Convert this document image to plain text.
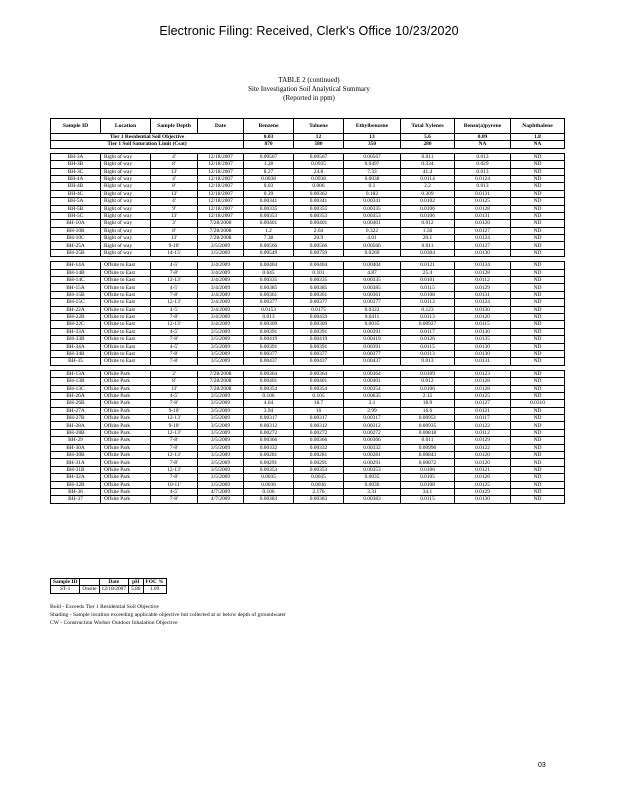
Electronic Filing: Received, Clerk's Office 10/23/2020
TABLE 2 (continued)
Site Investigation Soil Analytical Summary
(Reported in ppm)
Sample ID	Location	Sample Depth	Date	Benzene	Toluene	Ethylbenzene	Total Xylenes	Benzo(a)pyrene	Naphthalene
Tier 1 Residential Soil Objective				0.03	12	13	5.6	0.09	1.8
Tier 1 Soil Saturation Limit (Csat)				870	580	350	280	NA	NA

BH-3A	Right of way	4'	12/18/2007	0.00567	0.00567	0.00567	0.011	0.013	ND
BH-3B	Right of way	8'	12/18/2007	1.28	0.0935	0.0497	0.334	0.029	ND
BH-3C	Right of way	13'	12/18/2007	8.27	24.8	7.33	41.4	0.013	ND
BH-4A	Right of way	4'	12/18/2007	0.0038	0.0938	0.0038	0.0114	0.0124	ND
BH-4B	Right of way	8'	12/18/2007	0.03	0.006	0.1	2.2	0.013	ND
BH-4C	Right of way	13'	12/18/2007	0.39	0.00362	0.182	0.309	0.0131	ND
BH-5A	Right of way	4'	12/18/2007	0.00341	0.00341	0.00341	0.0102	0.0125	ND
BH-5B	Right of way	9'	12/18/2007	0.00335	0.00355	0.00335	0.0106	0.0128	ND
BH-5C	Right of way	13'	12/18/2007	0.00353	0.00353	0.00353	0.0106	0.0131	ND
BH-10A	Right of way	3'	7/28/2008	0.00401	0.00401	0.00401	0.012	0.0126	ND
BH-10B	Right of way	8'	7/28/2008	1.2	2.64	0.322	1.56	0.0127	ND
BH-10C	Right of way	13'	7/28/2008	7.38	20.9	4.01	20.1	0.0124	ND
BH-25A	Right of way	9-10'	3/5/2009	0.00566	0.00566	0.00566	0.011	0.0127	ND
BH-25B	Right of way	14-15'	3/5/2009	0.00549	0.00759	0.0269	0.0304	0.0130	ND

BH-14A	Offsite to East	4-5'	3/4/2009	0.00404	0.00404	0.00404	0.0121	0.0134	ND
BH-14B	Offsite to East	7-8'	3/4/2009	0.645	0.101	4.87	25.4	0.0128	ND
BH-14C	Offsite to East	12-13'	3/4/2009	0.00335	0.00335	0.00335	0.0101	0.0112	ND
BH-15A	Offsite to East	4-5'	3/4/2009	0.00385	0.00385	0.00385	0.0115	0.0129	ND
BH-15B	Offsite to East	7-8'	3/4/2009	0.00361	0.00361	0.00361	0.0108	0.0131	ND
BH-15C	Offsite to East	12-13'	3/4/2009	0.00377	0.00377	0.00377	0.0113	0.0124	ND
BH-22A	Offsite to East	4-5'	3/4/2009	0.0153	0.0175	0.0322	0.123	0.0130	ND
BH-22B	Offsite to East	7-8'	3/4/2009	0.013	0.00459	0.0411	0.0113	0.0120	ND
BH-22C	Offsite to East	12-13'	3/4/2009	0.00309	0.00309	0.0035	0.00927	0.0115	ND
BH-33A	Offsite to East	4-5'	3/5/2009	0.00391	0.00391	0.00391	0.0117	0.0130	ND
BH-33B	Offsite to East	7-8'	3/5/2009	0.00419	0.00419	0.00419	0.0126	0.0135	ND
BH-34A	Offsite to East	4-5'	3/5/2009	0.00391	0.00391	0.00391	0.0115	0.0130	ND
BH-34B	Offsite to East	7-8'	3/5/2009	0.00377	0.00377	0.00377	0.0113	0.0130	ND
BH-35	Offsite to East	7-8'	3/5/2009	0.00437	0.00437	0.00437	0.013	0.0131	ND

BH-13A	Offsite Park	3'	7/28/2008	0.00364	0.00364	0.00364	0.0109	0.0123	ND
BH-13B	Offsite Park	8'	7/28/2008	0.00401	0.00401	0.00401	0.012	0.0128	ND
BH-13C	Offsite Park	13'	7/28/2008	0.00354	0.00354	0.00354	0.0106	0.0128	ND
BH-26A	Offsite Park	4-5'	3/5/2009	0.106	0.105	0.00635	2.15	0.0125	ND
BH-26B	Offsite Park	7-8'	3/5/2009	4.64	18.7	3.1	18.9	0.0127	0.0310
BH-27A	Offsite Park	9-10'	3/5/2009	3.94	16	2.99	16.6	0.0121	ND
BH-27B	Offsite Park	12-13'	3/5/2009	0.00317	0.00317	0.00317	0.00951	0.0117	ND
BH-28A	Offsite Park	9-10'	3/5/2009	0.00312	0.00312	0.00312	0.00935	0.0122	ND
BH-28B	Offsite Park	12-13'	3/5/2009	0.00272	0.00272	0.00272	0.00818	0.0112	ND
BH-29	Offsite Park	7-8'	3/5/2009	0.00366	0.00366	0.00366	0.011	0.0129	ND
BH-30A	Offsite Park	7-8'	3/5/2009	0.00332	0.00332	0.00332	0.00996	0.0122	ND
BH-30B	Offsite Park	12-13'	3/5/2009	0.00281	0.00281	0.00281	0.00843	0.0120	ND
BH-31A	Offsite Park	7-8'	3/5/2009	0.00291	0.00291	0.00291	0.00872	0.0120	ND
BH-31B	Offsite Park	12-13'	3/5/2009	0.00353	0.00353	0.00353	0.0106	0.0121	ND
BH-32A	Offsite Park	7-8'	3/5/2009	0.0035	0.0035	0.0035	0.0105	0.0126	ND
BH-32B	Offsite Park	10-11'	3/5/2009	0.0036	0.0036	0.0036	0.0108	0.0125	ND
BH-36	Offsite Park	4-5'	4/7/2009	0.106	2.176	3.31	34.1	0.0129	ND
BH-37	Offsite Park	7-8'	4/7/2009	0.00383	0.00383	0.00383	0.0115	0.0130	ND
Sample ID		Date	pH	FOC %
ST-1	Onsite	12/18/2007	5.86	1.09
Bold - Exceeds Tier 1 Residential Soil Objective
Shading - Sample location exceeding applicable objective but collected at or below depth of groundwater
CW - Construction Worker Outdoor Inhalation Objective
03
